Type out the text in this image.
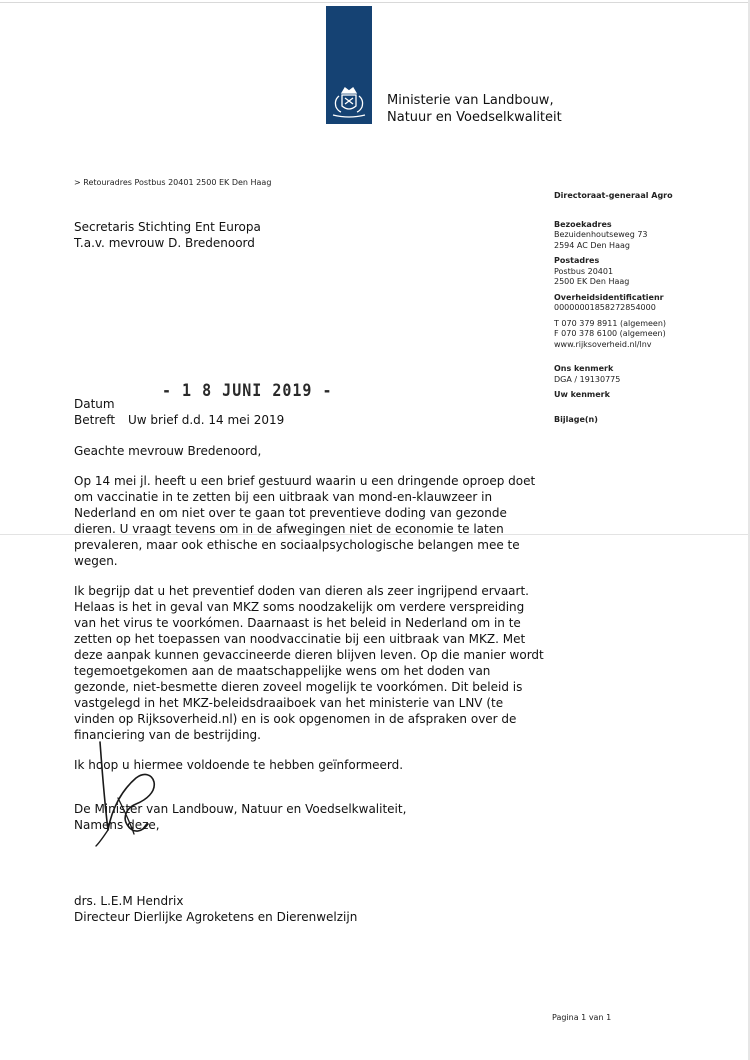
Ministerie van Landbouw,
Natuur en Voedselkwaliteit
> Retouradres Postbus 20401 2500 EK Den Haag
Secretaris Stichting Ent Europa
T.a.v. mevrouw D. Bredenoord
Directoraat-generaal Agro
Bezoekadres
Bezuidenhoutseweg 73
2594 AC Den Haag
Postadres
Postbus 20401
2500 EK Den Haag
Overheidsidentificatienr
00000001858272854000
T 070 379 8911 (algemeen)
F 070 378 6100 (algemeen)
www.rijksoverheid.nl/lnv
Ons kenmerk
DGA / 19130775
Uw kenmerk
Bijlage(n)
- 1 8 JUNI 2019 -
Datum
Betreft Uw brief d.d. 14 mei 2019

Geachte mevrouw Bredenoord,

Op 14 mei jl. heeft u een brief gestuurd waarin u een dringende oproep doet om vaccinatie in te zetten bij een uitbraak van mond-en-klauwzeer in Nederland en om niet over te gaan tot preventieve doding van gezonde dieren. U vraagt tevens om in de afwegingen niet de economie te laten prevaleren, maar ook ethische en sociaalpsychologische belangen mee te wegen.

Ik begrijp dat u het preventief doden van dieren als zeer ingrijpend ervaart. Helaas is het in geval van MKZ soms noodzakelijk om verdere verspreiding van het virus te voorkómen. Daarnaast is het beleid in Nederland om in te zetten op het toepassen van noodvaccinatie bij een uitbraak van MKZ. Met deze aanpak kunnen gevaccineerde dieren blijven leven. Op die manier wordt tegemoetgekomen aan de maatschappelijke wens om het doden van gezonde, niet-besmette dieren zoveel mogelijk te voorkómen. Dit beleid is vastgelegd in het MKZ-beleidsdraaiboek van het ministerie van LNV (te vinden op Rijksoverheid.nl) en is ook opgenomen in de afspraken over de financiering van de bestrijding.

Ik hoop u hiermee voldoende te hebben geïnformeerd.

De Minister van Landbouw, Natuur en Voedselkwaliteit,
Namens deze,
drs. L.E.M Hendrix
Directeur Dierlijke Agroketens en Dierenwelzijn
Pagina 1 van 1
